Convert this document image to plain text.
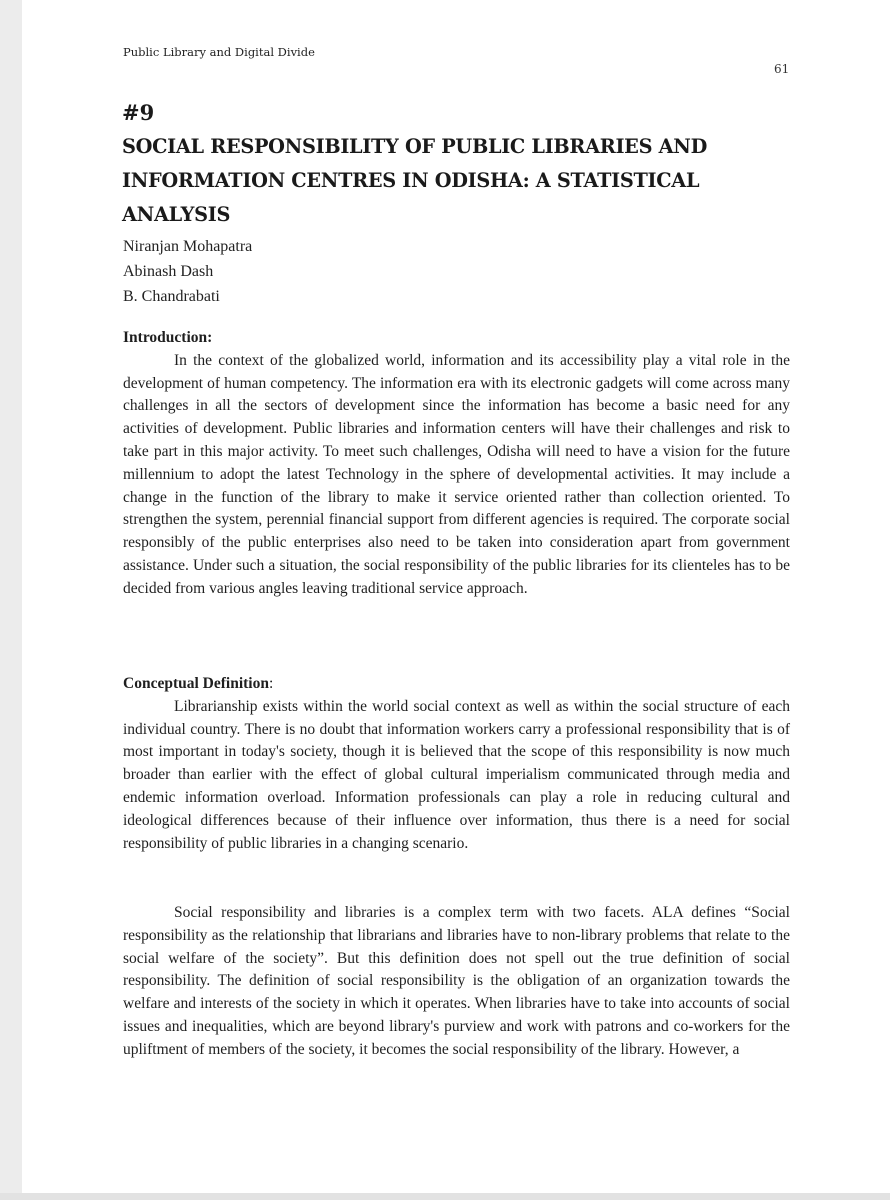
Public Library and Digital Divide
61
#9
SOCIAL RESPONSIBILITY OF PUBLIC LIBRARIES AND INFORMATION CENTRES IN ODISHA: A STATISTICAL ANALYSIS
Niranjan Mohapatra
Abinash Dash
B. Chandrabati
Introduction:

In the context of the globalized world, information and its accessibility play a vital role in the development of human competency. The information era with its electronic gadgets will come across many challenges in all the sectors of development since the information has become a basic need for any activities of development. Public libraries and information centers will have their challenges and risk to take part in this major activity. To meet such challenges, Odisha will need to have a vision for the future millennium to adopt the latest Technology in the sphere of developmental activities. It may include a change in the function of the library to make it service oriented rather than collection oriented. To strengthen the system, perennial financial support from different agencies is required. The corporate social responsibly of the public enterprises also need to be taken into consideration apart from government assistance. Under such a situation, the social responsibility of the public libraries for its clienteles has to be decided from various angles leaving traditional service approach.

Conceptual Definition:

Librarianship exists within the world social context as well as within the social structure of each individual country. There is no doubt that information workers carry a professional responsibility that is of most important in today's society, though it is believed that the scope of this responsibility is now much broader than earlier with the effect of global cultural imperialism communicated through media and endemic information overload. Information professionals can play a role in reducing cultural and ideological differences because of their influence over information, thus there is a need for social responsibility of public libraries in a changing scenario.

Social responsibility and libraries is a complex term with two facets. ALA defines “Social responsibility as the relationship that librarians and libraries have to non-library problems that relate to the social welfare of the society”. But this definition does not spell out the true definition of social responsibility. The definition of social responsibility is the obligation of an organization towards the welfare and interests of the society in which it operates. When libraries have to take into accounts of social issues and inequalities, which are beyond library's purview and work with patrons and co-workers for the upliftment of members of the society, it becomes the social responsibility of the library. However, a
